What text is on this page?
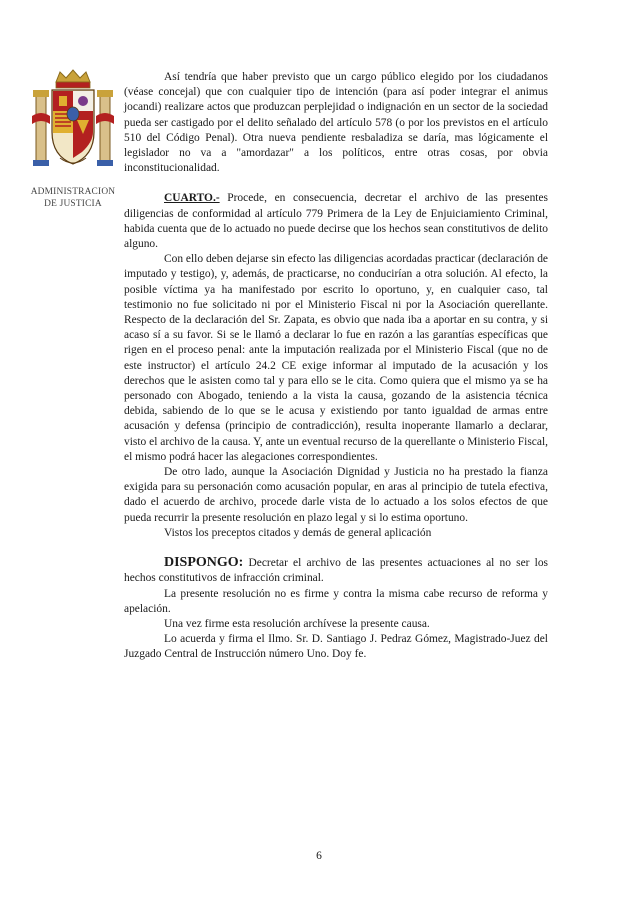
ADMINISTRACION
DE JUSTICIA

Así tendría que haber previsto que un cargo público elegido por los ciudadanos (véase concejal) que con cualquier tipo de intención (para así poder integrar el animus jocandi) realizare actos que produzcan perplejidad o indignación en un sector de la sociedad pueda ser castigado por el delito señalado del artículo 578 (o por los previstos en el artículo 510 del Código Penal). Otra nueva pendiente resbaladiza se daría, mas lógicamente el legislador no va a "amordazar" a los políticos, entre otras cosas, por obvia inconstitucionalidad.

CUARTO.- Procede, en consecuencia, decretar el archivo de las presentes diligencias de conformidad al artículo 779 Primera de la Ley de Enjuiciamiento Criminal, habida cuenta que de lo actuado no puede decirse que los hechos sean constitutivos de delito alguno.

Con ello deben dejarse sin efecto las diligencias acordadas practicar (declaración de imputado y testigo), y, además, de practicarse, no conducirían a otra solución. Al efecto, la posible víctima ya ha manifestado por escrito lo oportuno, y, en cualquier caso, tal testimonio no fue solicitado ni por el Ministerio Fiscal ni por la Asociación querellante. Respecto de la declaración del Sr. Zapata, es obvio que nada iba a aportar en su contra, y si acaso sí a su favor. Si se le llamó a declarar lo fue en razón a las garantías específicas que rigen en el proceso penal: ante la imputación realizada por el Ministerio Fiscal (que no de este instructor) el artículo 24.2 CE exige informar al imputado de la acusación y los derechos que le asisten como tal y para ello se le cita. Como quiera que el mismo ya se ha personado con Abogado, teniendo a la vista la causa, gozando de la asistencia técnica debida, sabiendo de lo que se le acusa y existiendo por tanto igualdad de armas entre acusación y defensa (principio de contradicción), resulta inoperante llamarlo a declarar, visto el archivo de la causa. Y, ante un eventual recurso de la querellante o Ministerio Fiscal, el mismo podrá hacer las alegaciones correspondientes.

De otro lado, aunque la Asociación Dignidad y Justicia no ha prestado la fianza exigida para su personación como acusación popular, en aras al principio de tutela efectiva, dado el acuerdo de archivo, procede darle vista de lo actuado a los solos efectos de que pueda recurrir la presente resolución en plazo legal y si lo estima oportuno.

Vistos los preceptos citados y demás de general aplicación

DISPONGO: Decretar el archivo de las presentes actuaciones al no ser los hechos constitutivos de infracción criminal.

La presente resolución no es firme y contra la misma cabe recurso de reforma y apelación.

Una vez firme esta resolución archívese la presente causa.

Lo acuerda y firma el Ilmo. Sr. D. Santiago J. Pedraz Gómez, Magistrado-Juez del Juzgado Central de Instrucción número Uno. Doy fe.

6
